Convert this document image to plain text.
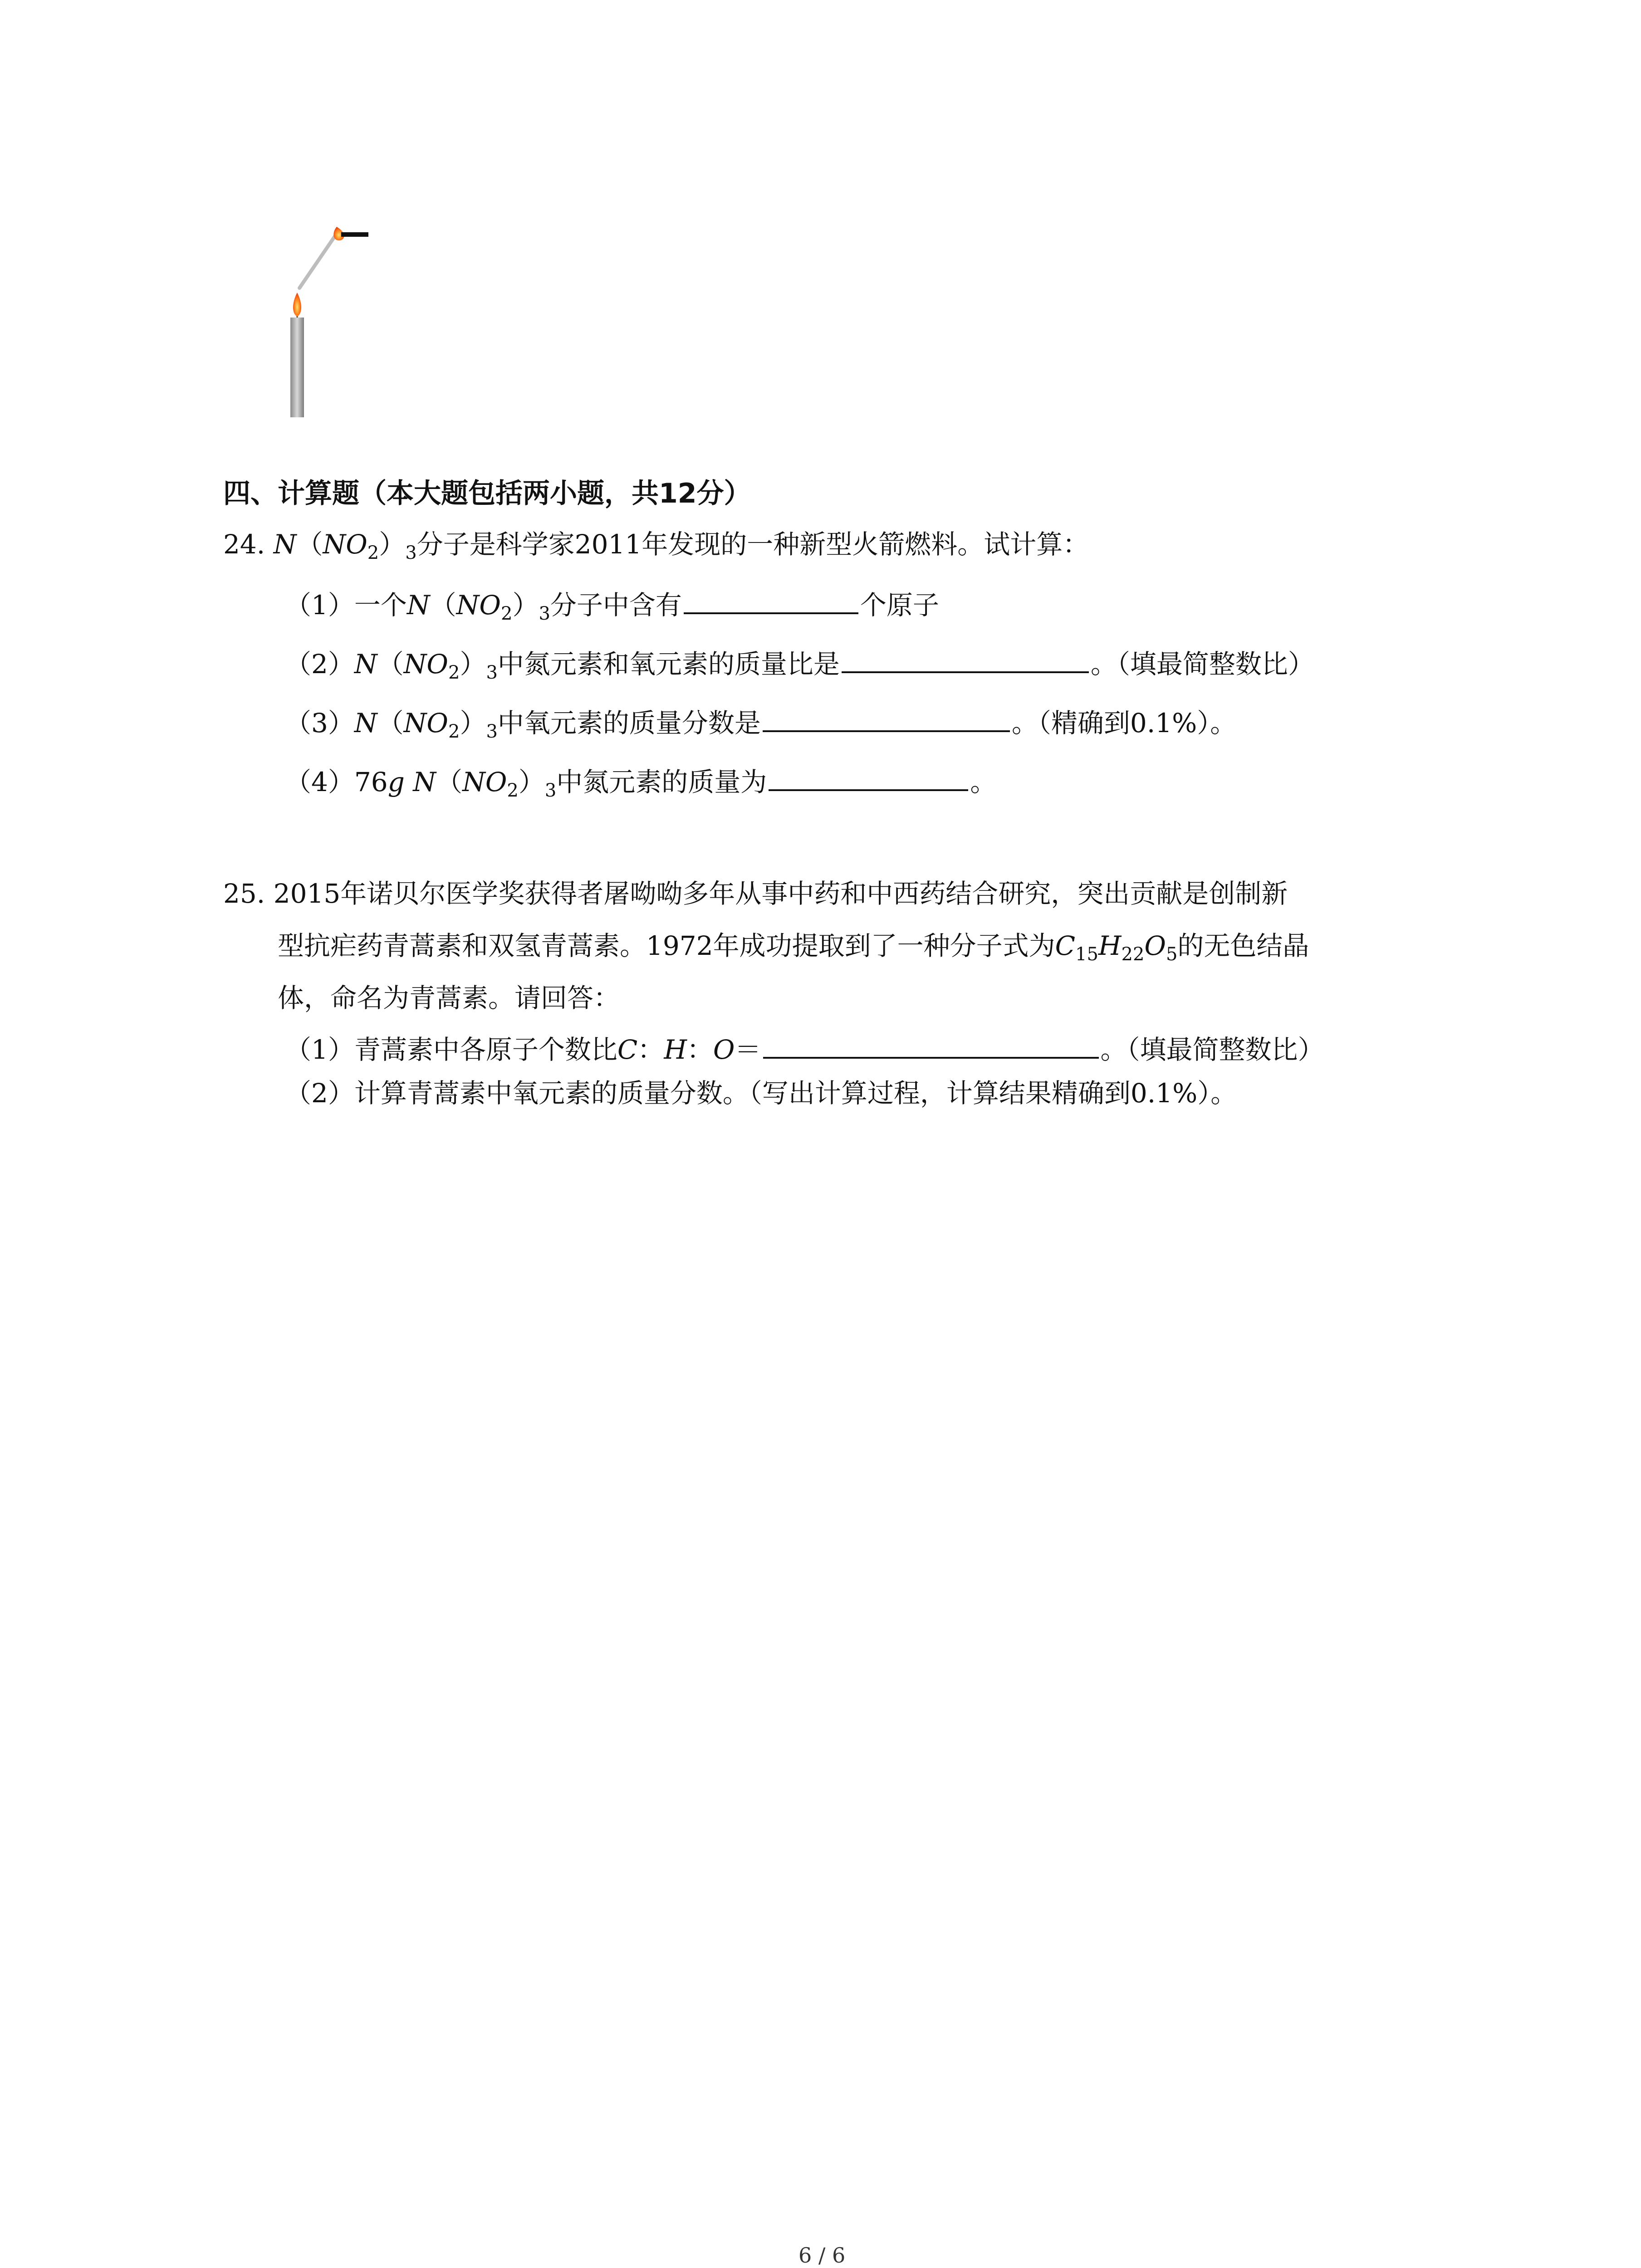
四、计算题（本大题包括两小题，共12分）
24. $N(NO_2)_3$分子是科学家2011年发现的一种新型火箭燃料。试计算：
（1）一个$N(NO_2)_3$分子中含有	个原子
$(2)N(NO_2)_3$中氮元素和氧元素的质量比是	。（填最简整数比）
$(3)N(NO_2)_3$中氧元素的质量分数是	。（精确到0.1%）。
（4）76g $N(NO_2)_3$中氮元素的质量为	。
25. 2015年诺贝尔医学奖获得者屠呦呦多年从事中药和中西药结合研究，突出贡献是创制新
型抗疟药青蒿素和双氢青蒿素。1972年成功提取到了一种分子式为$C_{15}H_{22}O_5$的无色结晶
体，命名为青蒿素。请回答：
（1）青蒿素中各原子个数比C：H：O＝	。（填最简整数比）
（2）计算青蒿素中氧元素的质量分数。（写出计算过程，计算结果精确到0.1%）。
6 / 6
